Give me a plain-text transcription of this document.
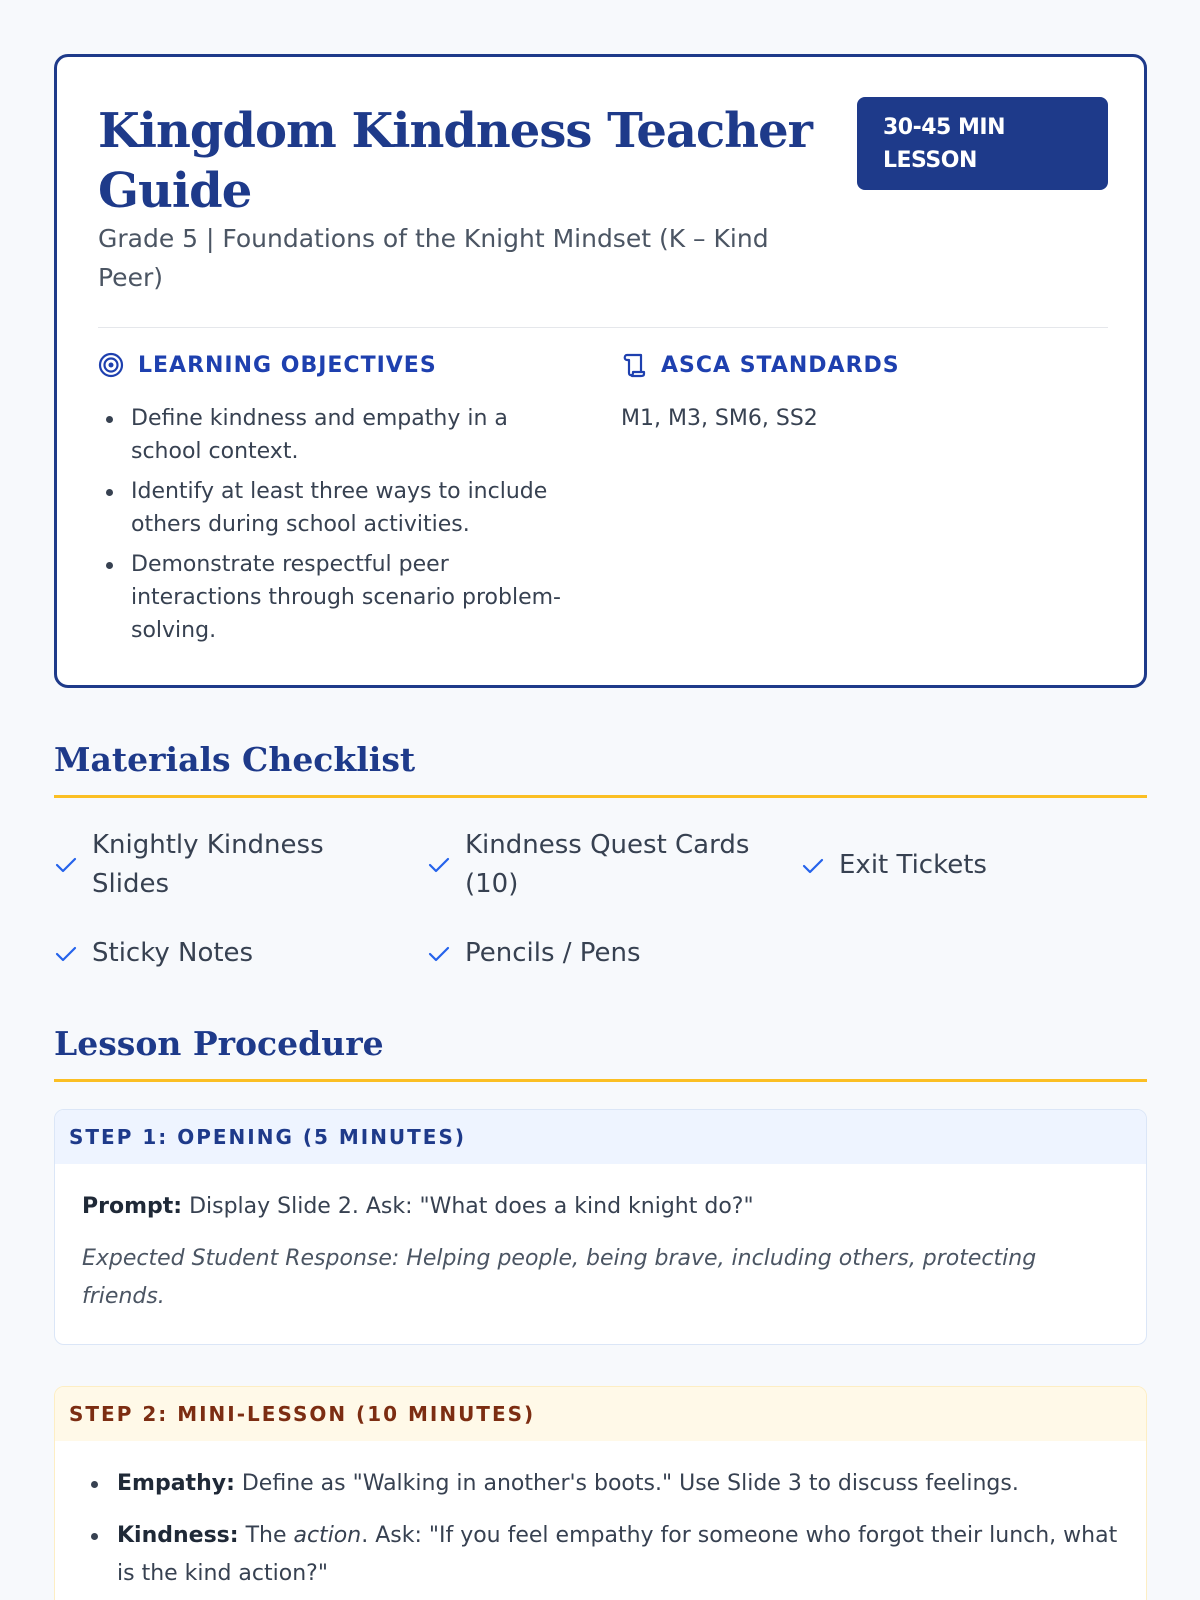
Kingdom Kindness Teacher Guide
Grade 5 | Foundations of the Knight Mindset (K – Kind Peer)
30-45 MIN LESSON
LEARNING OBJECTIVES
Define kindness and empathy in a school context.
Identify at least three ways to include others during school activities.
Demonstrate respectful peer interactions through scenario problem-solving.
ASCA STANDARDS
M1, M3, SM6, SS2
Materials Checklist
Knightly Kindness Slides
Kindness Quest Cards (10)
Exit Tickets
Sticky Notes	Pencils / Pens
Lesson Procedure
STEP 1: OPENING (5 MINUTES)

Prompt: Display Slide 2. Ask: "What does a kind knight do?"

Expected Student Response: Helping people, being brave, including others, protecting friends.

STEP 2: MINI-LESSON (10 MINUTES)
Empathy: Define as "Walking in another's boots." Use Slide 3 to discuss feelings.
Kindness: The action. Ask: "If you feel empathy for someone who forgot their lunch, what is the kind action?"
